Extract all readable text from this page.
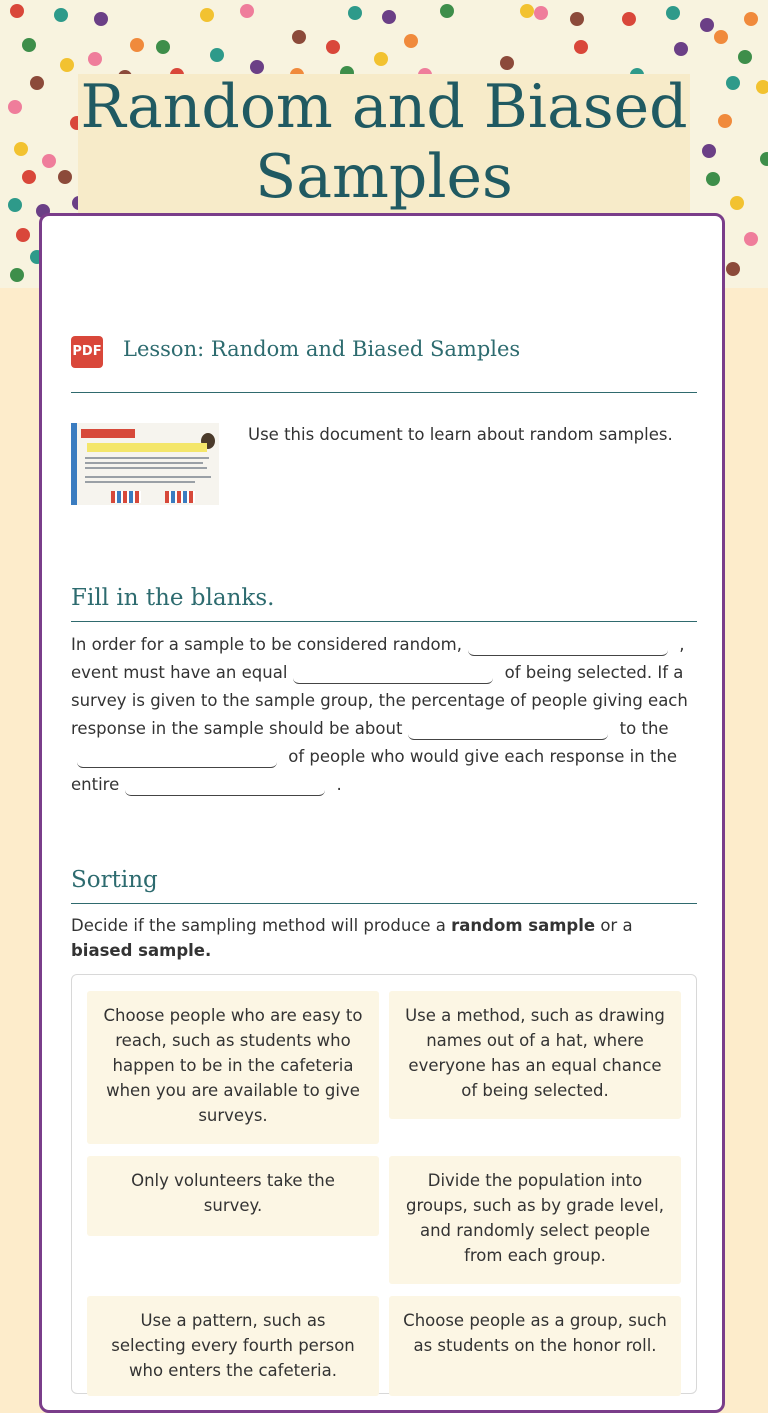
Random and Biased Samples
PDF Lesson: Random and Biased Samples
Use this document to learn about random samples.
Fill in the blanks.

In order for a sample to be considered random,	, event must have an equal	of being selected. If a survey is given to the sample group, the percentage of people giving each response in the sample should be about	to the of people who would give each response in the entire	.

Sorting

Decide if the sampling method will produce a random sample or a biased sample.

Choose people who are easy to reach, such as students who happen to be in the cafeteria when you are available to give surveys.
Use a method, such as drawing names out of a hat, where everyone has an equal chance of being selected.
Only volunteers take the survey.
Divide the population into groups, such as by grade level, and randomly select people from each group.
Use a pattern, such as selecting every fourth person who enters the cafeteria.
Choose people as a group, such as students on the honor roll.
